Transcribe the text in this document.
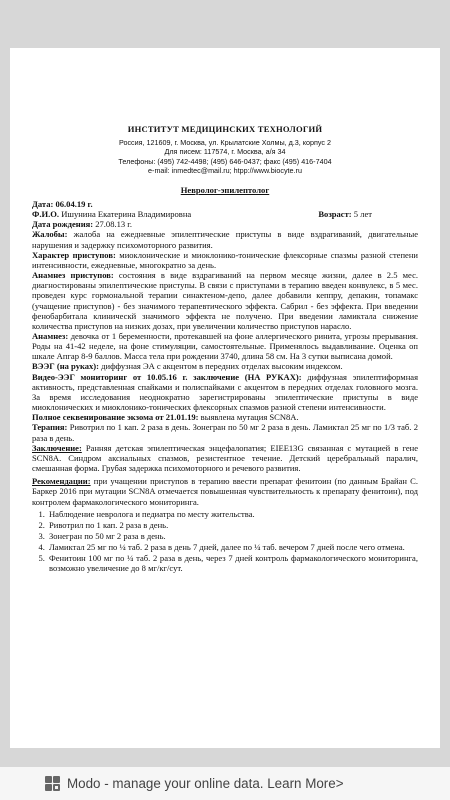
ИНСТИТУТ МЕДИЦИНСКИХ ТЕХНОЛОГИЙ
Россия, 121609, г. Москва, ул. Крылатские Холмы, д.3, корпус 2
Для писем: 117574, г. Москва, а/я 34
Телефоны: (495) 742-4498; (495) 646-0437; факс (495) 416-7404
e-mail: inmedtec@mail.ru; htpp://www.biocyte.ru
Невролог-эпилептолог

Дата: 06.04.19 г.

Ф.И.О. Ишунина Екатерина Владимировна	Возраст: 5 лет

Дата рождения: 27.08.13 г.

Жалобы: жалоба на ежедневные эпилептические приступы в виде вздрагиваний, двигательные нарушения и задержку психомоторного развития.

Характер приступов: миоклонические и миоклонико-тонические флексорные спазмы разной степени интенсивности, ежедневные, многократно за день.

Анамнез приступов: состояния в виде вздрагиваний на первом месяце жизни, далее в 2.5 мес. диагностированы эпилептические приступы. В связи с приступами в терапию введен конвулекс, в 5 мес. проведен курс гормональной терапии синактеном-депо, далее добавили кеппру, депакин, топамакс (учащение приступов) - без значимого терапевтического эффекта. Сабрил - без эффекта. При введении фенобарбитала клиническй значимого эффекта не получено. При введении ламиктала снижение количества приступов на низких дозах, при увеличении количество приступов нарасло.

Анамнез: девочка от 1 беременности, протекавшей на фоне аллергического ринита, угрозы прерывания. Роды на 41-42 неделе, на фоне стимуляции, самостоятельные. Применялось выдавливание. Оценка оп шкале Апгар 8-9 баллов. Масса тела при рождении 3740, длина 58 см. На 3 сутки выписана домой.

ВЭЭГ (на руках): диффузная ЭА с акцентом в передних отделах высоким индексом.

Видео-ЭЭГ мониторинг от 10.05.16 г. заключение (НА РУКАХ): диффузная эпилептиформная активность, представленная спайками и полиспайками с акцентом в передних отделах головного мозга. За время исследования неоднократно зарегистрированы эпилептические приступы в виде миоклонических и миоклонико-тонических флексорных спазмов разной степени интенсивности.

Полное секвенирование экзома от 21.01.19: выявлена мутация SCN8A.

Терапия: Ривотрил по 1 кап. 2 раза в день. Зонегран по 50 мг 2 раза в день. Ламиктал 25 мг по 1/3 таб. 2 раза в день.

Заключение: Ранняя детская эпилептическая энцефалопатия; EIEE13G связанная с мутацией в гене SCN8A. Синдром аксиальных спазмов, резистентное течение. Детский церебральный паралич, смешанная форма. Грубая задержка психомоторного и речевого развития.

Рекомендации: при учащении приступов в терапию ввести препарат фенитоин (по данным Брайан С. Баркер 2016 при мутации SCN8A отмечается повышенная чувствительность к препарату фенитоин), под контролем фармакологического мониторинга.

1. Наблюдение невролога и педиатра по месту жительства.
2. Ривотрил по 1 кап. 2 раза в день.
3. Зонегран по 50 мг 2 раза в день.
4. Ламиктал 25 мг по ¼ таб. 2 раза в день 7 дней, далее по ¼ таб. вечером 7 дней после чего отмена.
5. Фенитоин 100 мг по ¼ таб. 2 раза в день, через 7 дней контроль фармакологического мониторинга, возможно увеличение до 8 мг/кг/сут.
Modo - manage your online data. Learn More>
